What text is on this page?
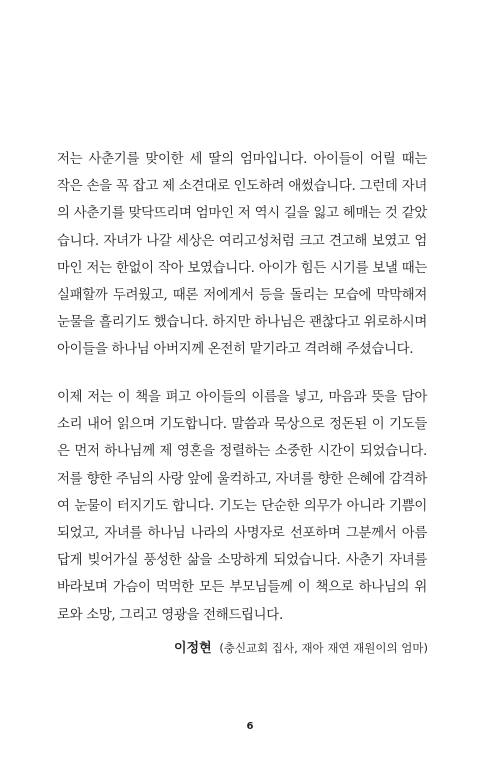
저는 사춘기를 맞이한 세 딸의 엄마입니다. 아이들이 어릴 때는
작은 손을 꼭 잡고 제 소견대로 인도하려 애썼습니다. 그런데 자녀
의 사춘기를 맞닥뜨리며 엄마인 저 역시 길을 잃고 헤매는 것 같았
습니다. 자녀가 나갈 세상은 여리고성처럼 크고 견고해 보였고 엄
마인 저는 한없이 작아 보였습니다. 아이가 힘든 시기를 보낼 때는
실패할까 두려웠고, 때론 저에게서 등을 돌리는 모습에 막막해져
눈물을 흘리기도 했습니다. 하지만 하나님은 괜찮다고 위로하시며
아이들을 하나님 아버지께 온전히 맡기라고 격려해 주셨습니다.
이제 저는 이 책을 펴고 아이들의 이름을 넣고, 마음과 뜻을 담아
소리 내어 읽으며 기도합니다. 말씀과 묵상으로 정돈된 이 기도들
은 먼저 하나님께 제 영혼을 정렬하는 소중한 시간이 되었습니다.
저를 향한 주님의 사랑 앞에 울컥하고, 자녀를 향한 은혜에 감격하
여 눈물이 터지기도 합니다. 기도는 단순한 의무가 아니라 기쁨이
되었고, 자녀를 하나님 나라의 사명자로 선포하며 그분께서 아름
답게 빚어가실 풍성한 삶을 소망하게 되었습니다. 사춘기 자녀를
바라보며 가슴이 먹먹한 모든 부모님들께 이 책으로 하나님의 위
로와 소망, 그리고 영광을 전해드립니다.
이정현 (충신교회 집사, 재아 재연 재원이의 엄마)
6
